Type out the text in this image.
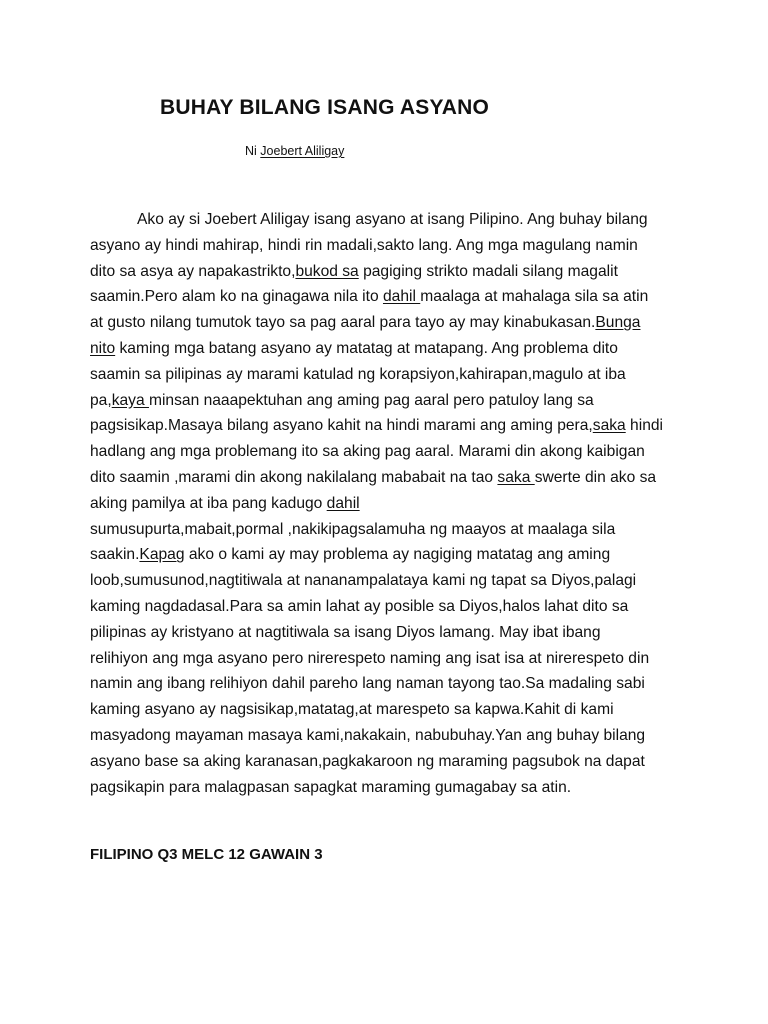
BUHAY BILANG ISANG ASYANO
Ni Joebert Aliligay
Ako ay si Joebert Aliligay isang asyano at isang Pilipino. Ang buhay bilang
asyano ay hindi mahirap, hindi rin madali,sakto lang. Ang mga magulang namin
dito sa asya ay napakastrikto,bukod sa pagiging strikto madali silang magalit
saamin.Pero alam ko na ginagawa nila ito dahil maalaga at mahalaga sila sa atin
at gusto nilang tumutok tayo sa pag aaral para tayo ay may kinabukasan.Bunga
nito kaming mga batang asyano ay matatag at matapang. Ang problema dito
saamin sa pilipinas ay marami katulad ng korapsiyon,kahirapan,magulo at iba
pa,kaya minsan naaapektuhan ang aming pag aaral pero patuloy lang sa
pagsisikap.Masaya bilang asyano kahit na hindi marami ang aming pera,saka hindi
hadlang ang mga problemang ito sa aking pag aaral. Marami din akong kaibigan
dito saamin ,marami din akong nakilalang mababait na tao saka swerte din ako sa
aking pamilya at iba pang kadugo dahil
sumusupurta,mabait,pormal ,nakikipagsalamuha ng maayos at maalaga sila
saakin.Kapag ako o kami ay may problema ay nagiging matatag ang aming
loob,sumusunod,nagtitiwala at nananampalataya kami ng tapat sa Diyos,palagi
kaming nagdadasal.Para sa amin lahat ay posible sa Diyos,halos lahat dito sa
pilipinas ay kristyano at nagtitiwala sa isang Diyos lamang. May ibat ibang
relihiyon ang mga asyano pero nirerespeto naming ang isat isa at nirerespeto din
namin ang ibang relihiyon dahil pareho lang naman tayong tao.Sa madaling sabi
kaming asyano ay nagsisikap,matatag,at marespeto sa kapwa.Kahit di kami
masyadong mayaman masaya kami,nakakain, nabubuhay.Yan ang buhay bilang
asyano base sa aking karanasan,pagkakaroon ng maraming pagsubok na dapat
pagsikapin para malagpasan sapagkat maraming gumagabay sa atin.
FILIPINO Q3 MELC 12 GAWAIN 3
